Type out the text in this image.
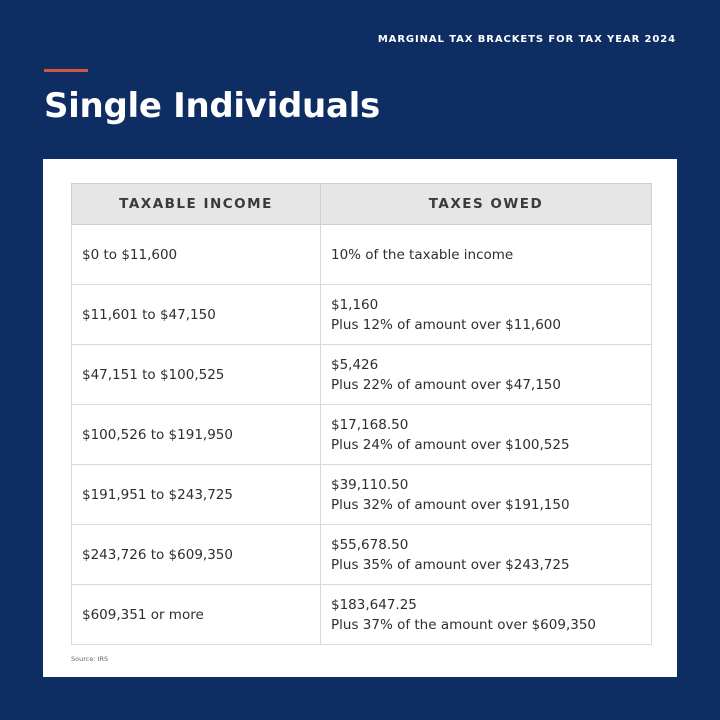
MARGINAL TAX BRACKETS FOR TAX YEAR 2024
Single Individuals
TAXABLE INCOME	TAXES OWED
$0 to $11,600	10% of the taxable income

$11,601 to $47,150	$1,160
Plus 12% of amount over $11,600

$47,151 to $100,525	$5,426
Plus 22% of amount over $47,150

$100,526 to $191,950	$17,168.50
Plus 24% of amount over $100,525

$191,951 to $243,725	$39,110.50
Plus 32% of amount over $191,150

$243,726 to $609,350	$55,678.50
Plus 35% of amount over $243,725

$609,351 or more	$183,647.25
Plus 37% of the amount over $609,350
Source: IRS
